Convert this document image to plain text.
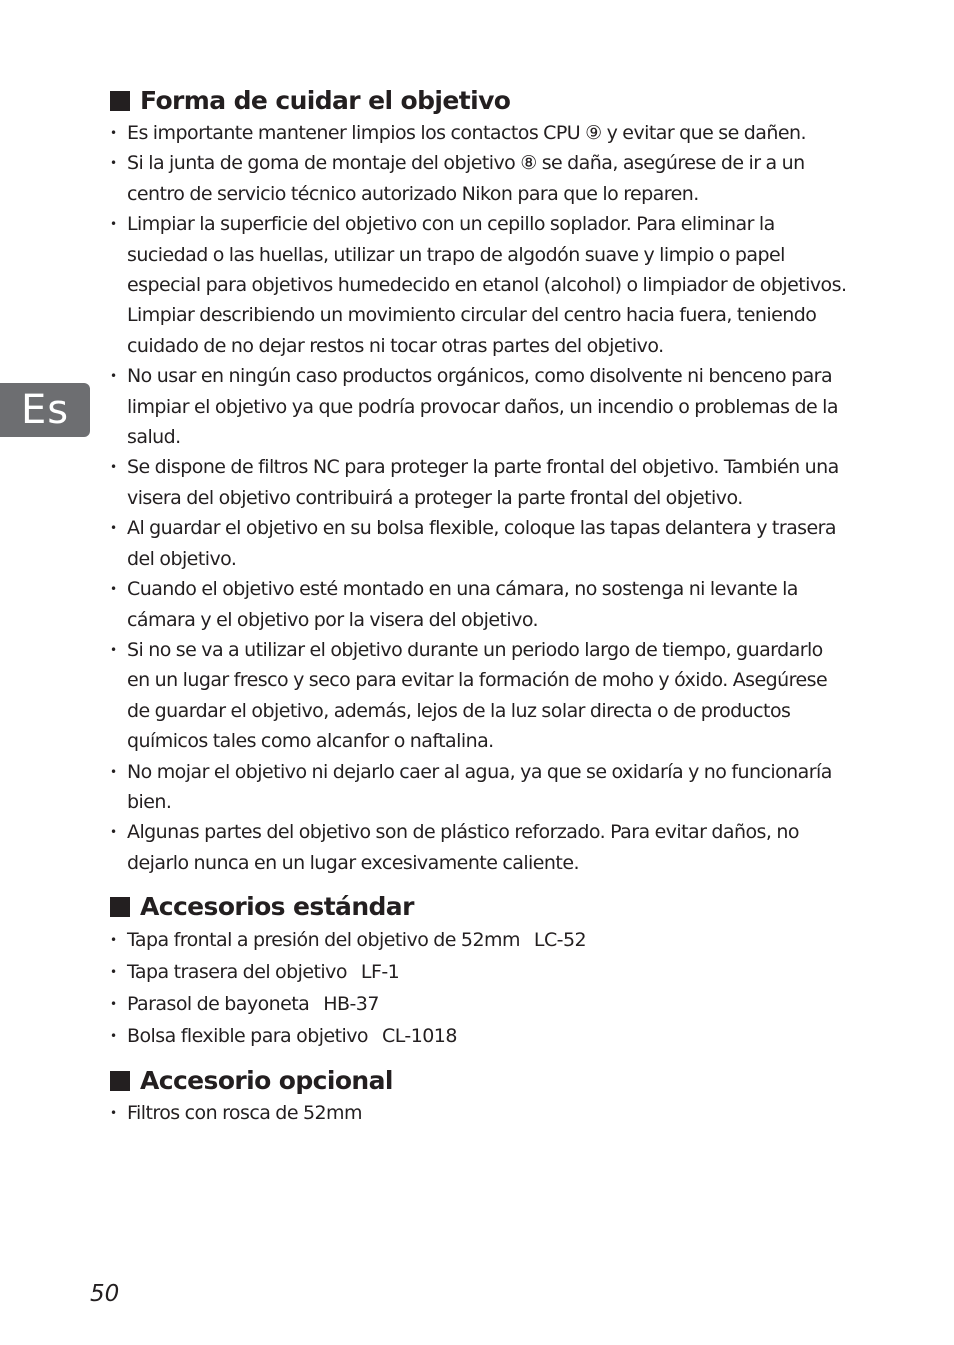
Es
Forma de cuidar el objetivo
• Es importante mantener limpios los contactos CPU ⑨ y evitar que se dañen.
• Si la junta de goma de montaje del objetivo ⑧ se daña, asegúrese de ir a un centro de servicio técnico autorizado Nikon para que lo reparen.
• Limpiar la superficie del objetivo con un cepillo soplador. Para eliminar la suciedad o las huellas, utilizar un trapo de algodón suave y limpio o papel especial para objetivos humedecido en etanol (alcohol) o limpiador de objetivos. Limpiar describiendo un movimiento circular del centro hacia fuera, teniendo cuidado de no dejar restos ni tocar otras partes del objetivo.
• No usar en ningún caso productos orgánicos, como disolvente ni benceno para limpiar el objetivo ya que podría provocar daños, un incendio o problemas de la salud.
• Se dispone de filtros NC para proteger la parte frontal del objetivo. También una visera del objetivo contribuirá a proteger la parte frontal del objetivo.
• Al guardar el objetivo en su bolsa flexible, coloque las tapas delantera y trasera del objetivo.
• Cuando el objetivo esté montado en una cámara, no sostenga ni levante la cámara y el objetivo por la visera del objetivo.
• Si no se va a utilizar el objetivo durante un periodo largo de tiempo, guardarlo en un lugar fresco y seco para evitar la formación de moho y óxido. Asegúrese de guardar el objetivo, además, lejos de la luz solar directa o de productos químicos tales como alcanfor o naftalina.
• No mojar el objetivo ni dejarlo caer al agua, ya que se oxidaría y no funcionaría bien.
• Algunas partes del objetivo son de plástico reforzado. Para evitar daños, no dejarlo nunca en un lugar excesivamente caliente.
Accesorios estándar
• Tapa frontal a presión del objetivo de 52mm LC-52
• Tapa trasera del objetivo LF-1
• Parasol de bayoneta HB-37
• Bolsa flexible para objetivo CL-1018
Accesorio opcional
• Filtros con rosca de 52mm
50
